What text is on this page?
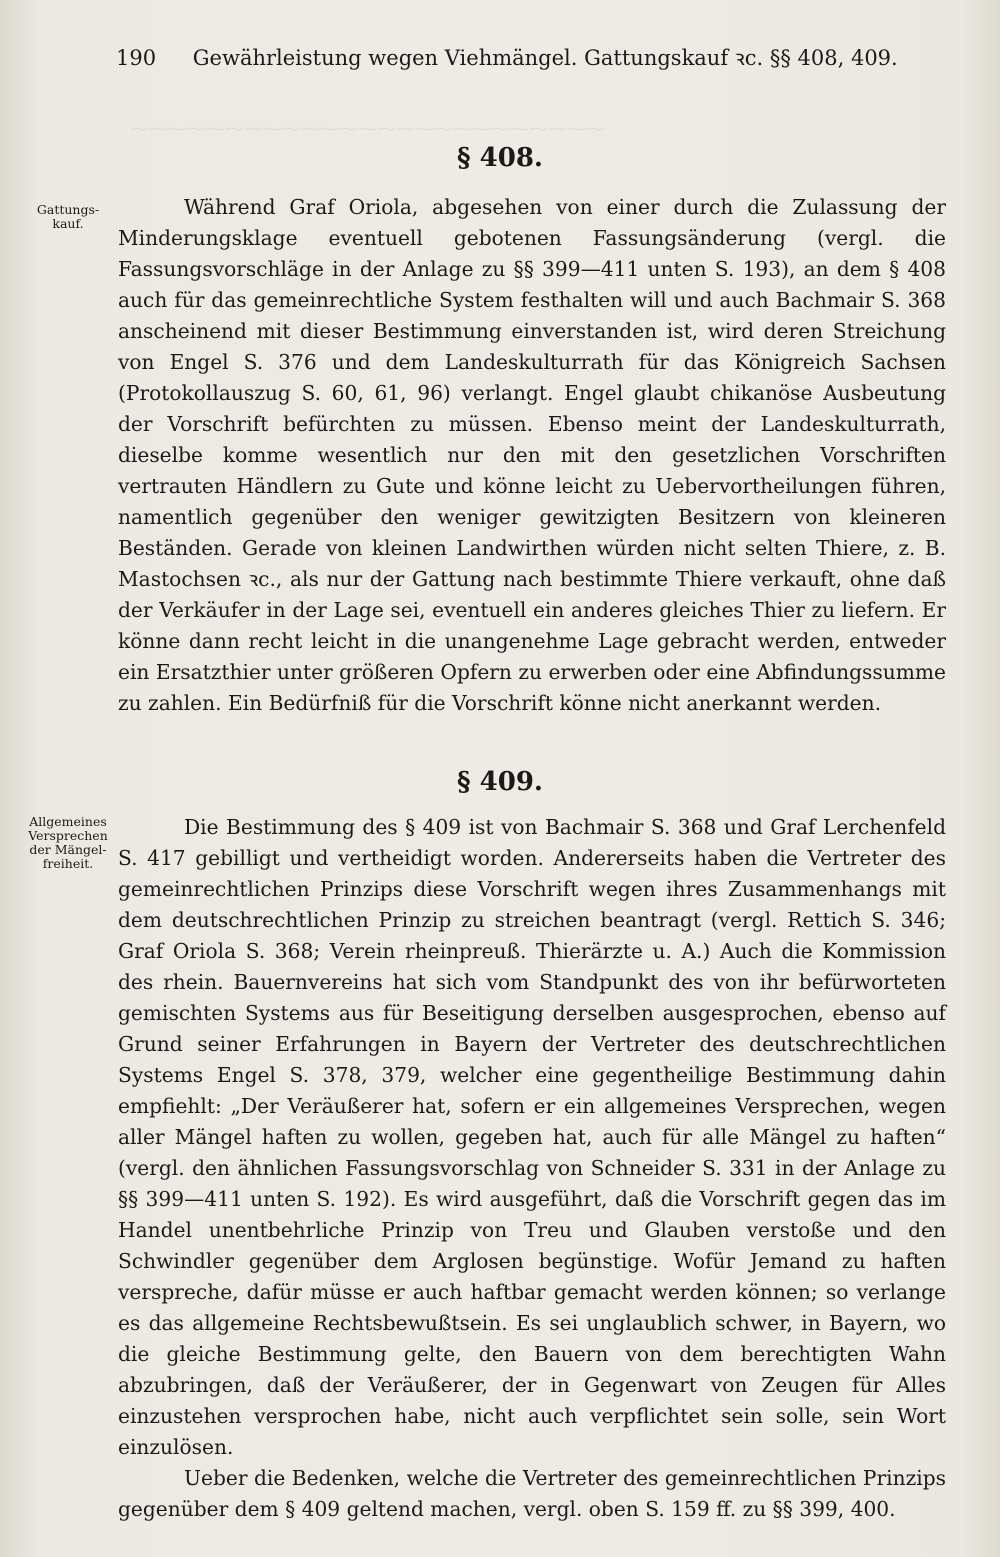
190 Gewährleistung wegen Viehmängel. Gattungskauf ꝛc. §§ 408, 409.
⁓⁓⁓⁓⁓⁓⁓⁓⁓⁓⁓⁓⁓⁓⁓⁓⁓⁓⁓⁓⁓⁓⁓⁓⁓
§ 408.
Gattungs-kauf.

Während Graf Oriola, abgesehen von einer durch die Zulassung der Minderungsklage eventuell gebotenen Fassungsänderung (vergl. die Fassungsvorschläge in der Anlage zu §§ 399—411 unten S. 193), an dem § 408 auch für das gemeinrechtliche System festhalten will und auch Bachmair S. 368 anscheinend mit dieser Bestimmung einverstanden ist, wird deren Streichung von Engel S. 376 und dem Landeskulturrath für das Königreich Sachsen (Protokollauszug S. 60, 61, 96) verlangt. Engel glaubt chikanöse Ausbeutung der Vorschrift befürchten zu müssen. Ebenso meint der Landeskulturrath, dieselbe komme wesentlich nur den mit den gesetzlichen Vorschriften vertrauten Händlern zu Gute und könne leicht zu Uebervortheilungen führen, namentlich gegenüber den weniger gewitzigten Besitzern von kleineren Beständen. Gerade von kleinen Landwirthen würden nicht selten Thiere, z. B. Mastochsen ꝛc., als nur der Gattung nach bestimmte Thiere verkauft, ohne daß der Verkäufer in der Lage sei, eventuell ein anderes gleiches Thier zu liefern. Er könne dann recht leicht in die unangenehme Lage gebracht werden, entweder ein Ersatzthier unter größeren Opfern zu erwerben oder eine Abfindungssumme zu zahlen. Ein Bedürfniß für die Vorschrift könne nicht anerkannt werden.

§ 409.
Allgemeines Versprechen der Mängel-freiheit.

Die Bestimmung des § 409 ist von Bachmair S. 368 und Graf Lerchenfeld S. 417 gebilligt und vertheidigt worden. Andererseits haben die Vertreter des gemeinrechtlichen Prinzips diese Vorschrift wegen ihres Zusammenhangs mit dem deutschrechtlichen Prinzip zu streichen beantragt (vergl. Rettich S. 346; Graf Oriola S. 368; Verein rheinpreuß. Thierärzte u. A.) Auch die Kommission des rhein. Bauernvereins hat sich vom Standpunkt des von ihr befürworteten gemischten Systems aus für Beseitigung derselben ausgesprochen, ebenso auf Grund seiner Erfahrungen in Bayern der Vertreter des deutschrechtlichen Systems Engel S. 378, 379, welcher eine gegentheilige Bestimmung dahin empfiehlt: „Der Veräußerer hat, sofern er ein allgemeines Versprechen, wegen aller Mängel haften zu wollen, gegeben hat, auch für alle Mängel zu haften“ (vergl. den ähnlichen Fassungsvorschlag von Schneider S. 331 in der Anlage zu §§ 399—411 unten S. 192). Es wird ausgeführt, daß die Vorschrift gegen das im Handel unentbehrliche Prinzip von Treu und Glauben verstoße und den Schwindler gegenüber dem Arglosen begünstige. Wofür Jemand zu haften verspreche, dafür müsse er auch haftbar gemacht werden können; so verlange es das allgemeine Rechtsbewußtsein. Es sei unglaublich schwer, in Bayern, wo die gleiche Bestimmung gelte, den Bauern von dem berechtigten Wahn abzubringen, daß der Veräußerer, der in Gegenwart von Zeugen für Alles einzustehen versprochen habe, nicht auch verpflichtet sein solle, sein Wort einzulösen.

Ueber die Bedenken, welche die Vertreter des gemeinrechtlichen Prinzips gegenüber dem § 409 geltend machen, vergl. oben S. 159 ff. zu §§ 399, 400.
